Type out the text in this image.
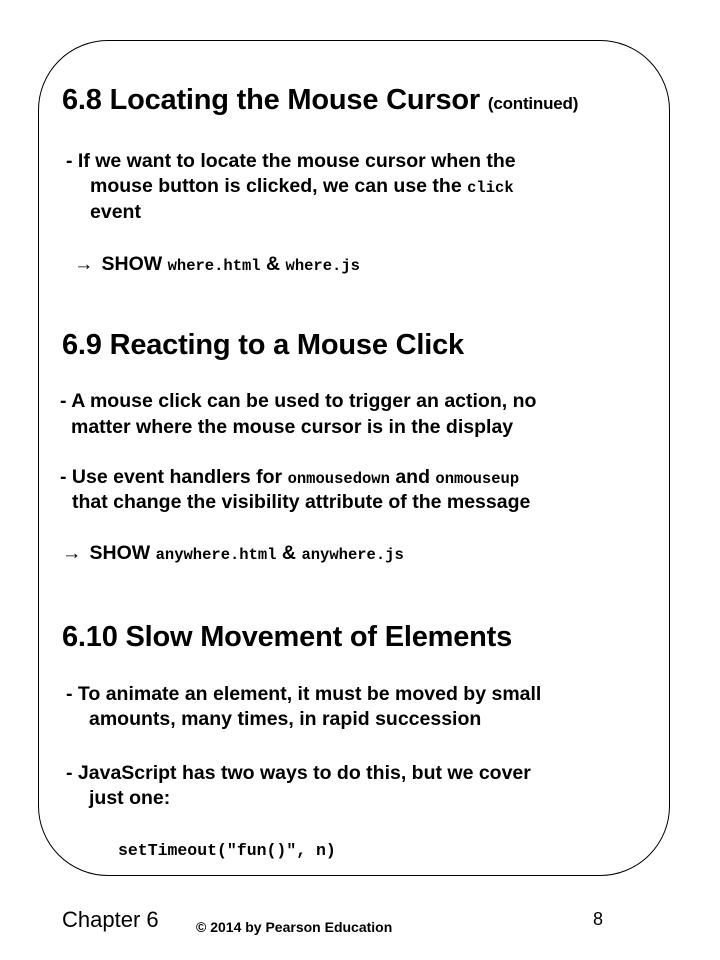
6.8 Locating the Mouse Cursor (continued)
- If we want to locate the mouse cursor when the
mouse button is clicked, we can use the click
event
→ SHOW where.html & where.js
6.9 Reacting to a Mouse Click
- A mouse click can be used to trigger an action, no
matter where the mouse cursor is in the display
- Use event handlers for onmousedown and onmouseup
that change the visibility attribute of the message
→ SHOW anywhere.html & anywhere.js
6.10 Slow Movement of Elements
- To animate an element, it must be moved by small
amounts, many times, in rapid succession
- JavaScript has two ways to do this, but we cover
just one:
setTimeout("fun()", n)
Chapter 6	© 2014 by Pearson Education	8
